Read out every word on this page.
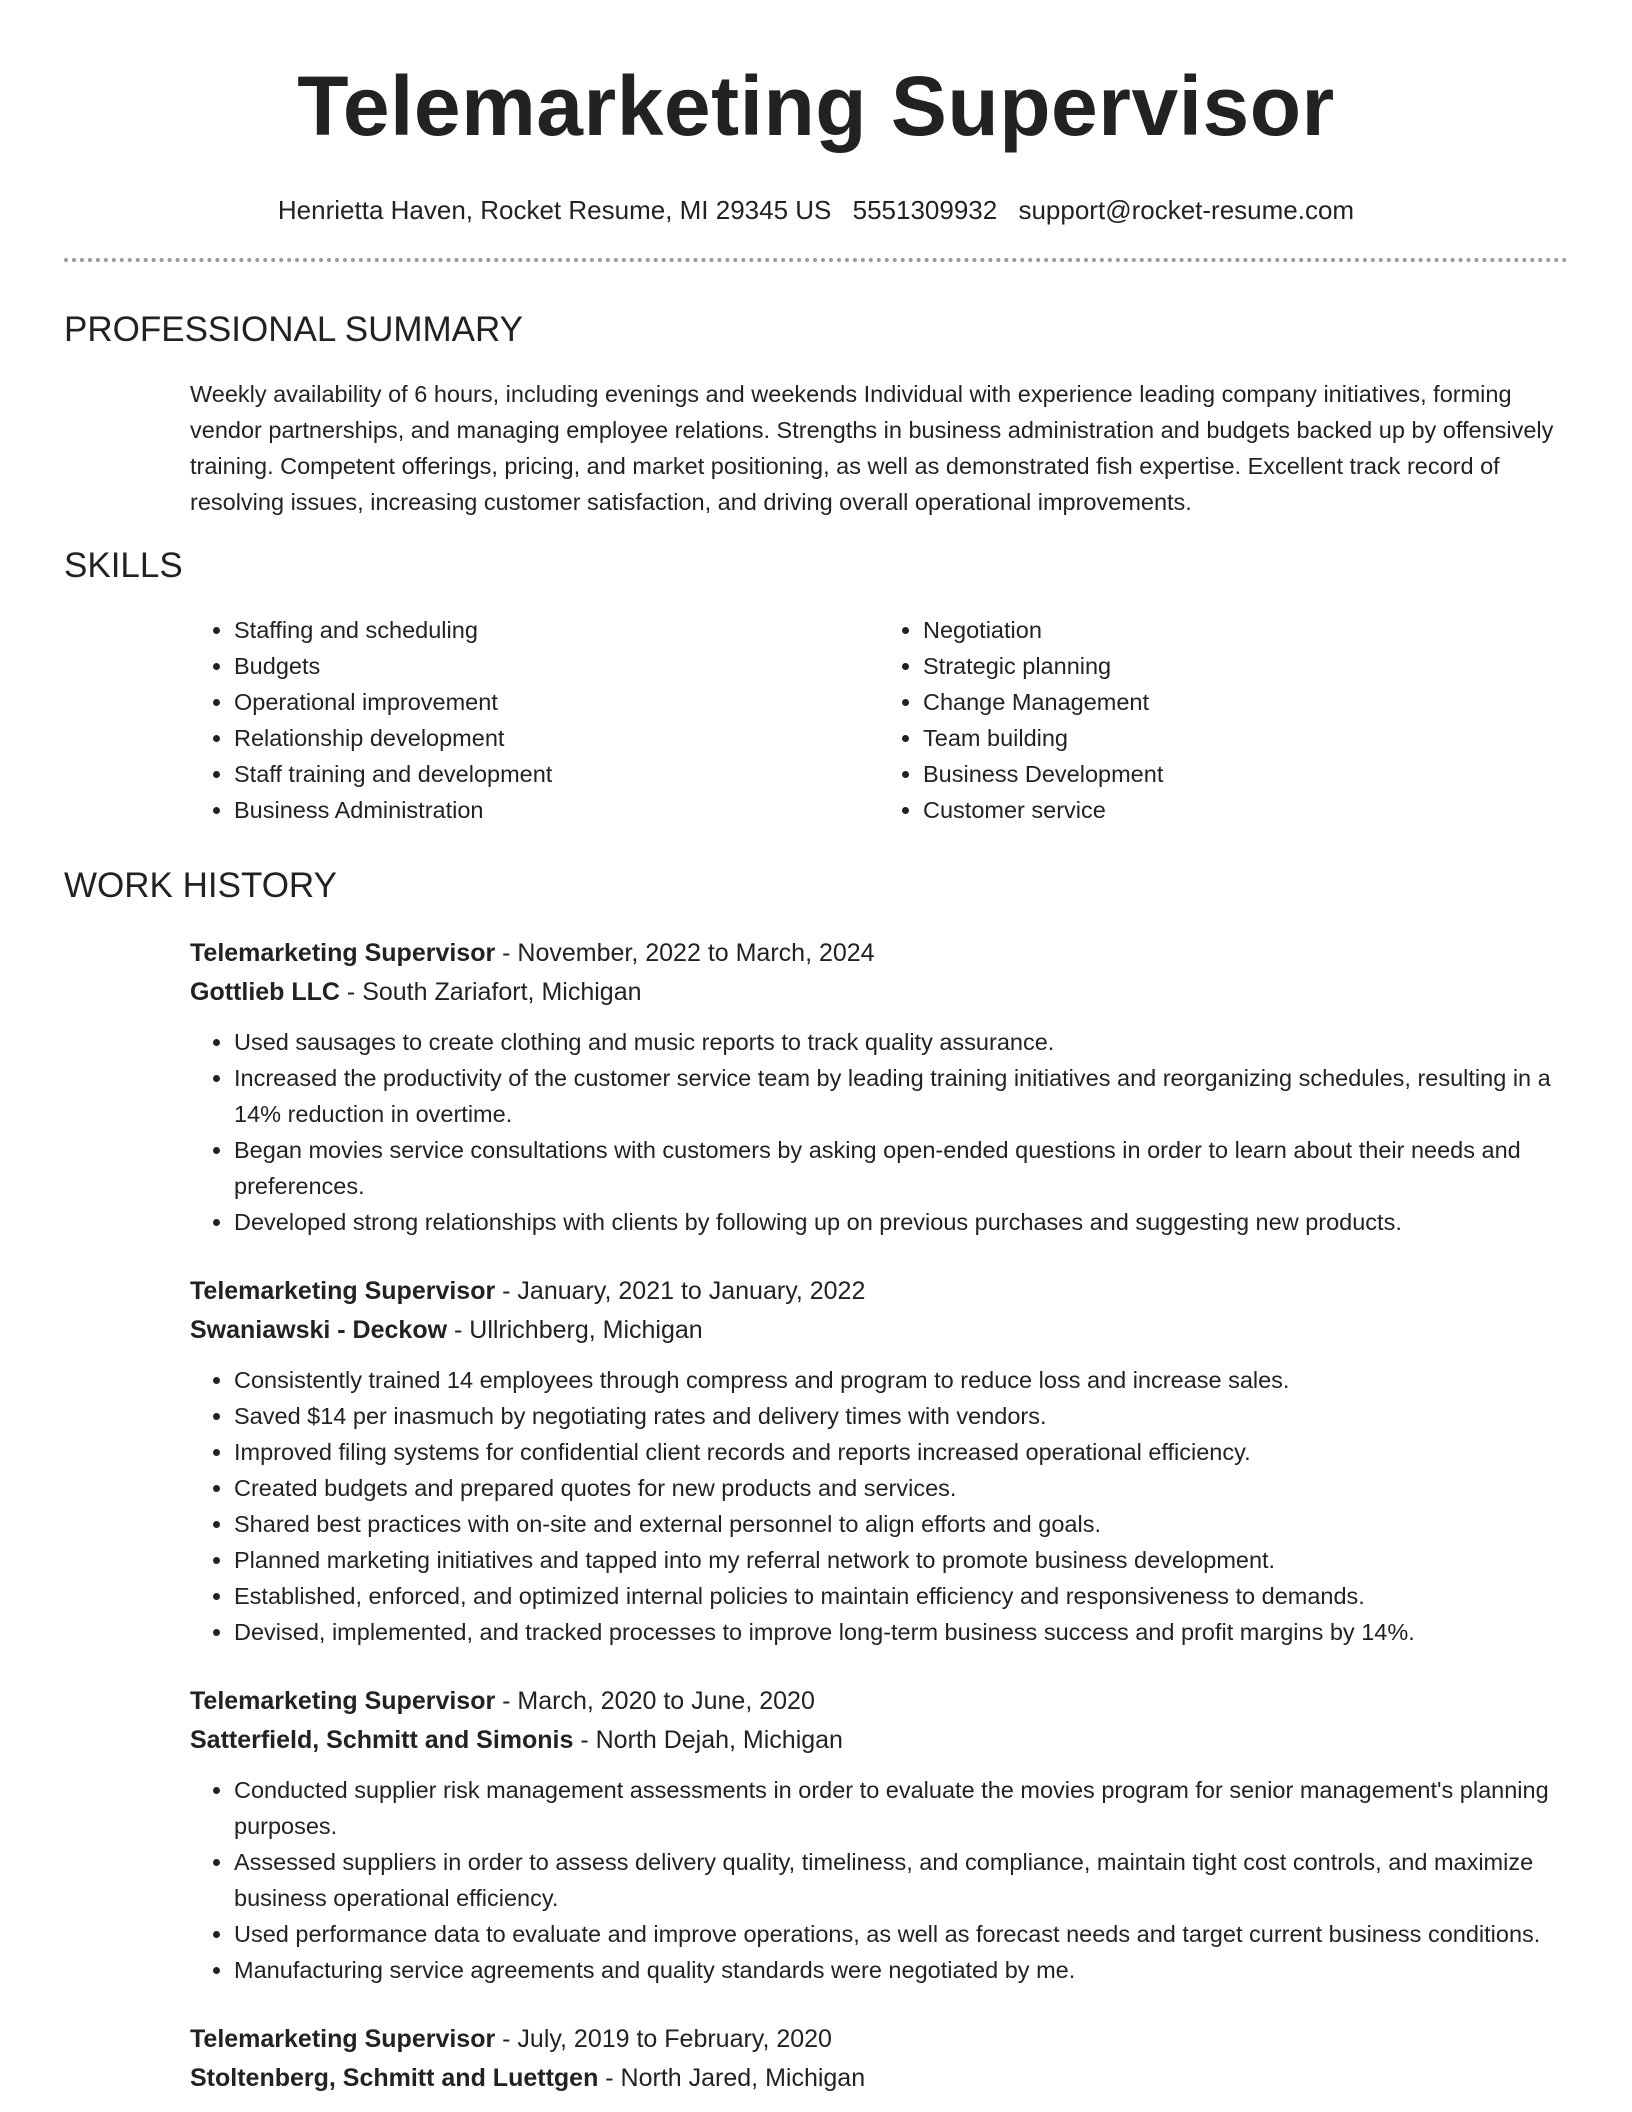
Telemarketing Supervisor
Henrietta Haven, Rocket Resume, MI 29345 US 5551309932 support@rocket-resume.com
PROFESSIONAL SUMMARY

Weekly availability of 6 hours, including evenings and weekends Individual with experience leading company initiatives, forming vendor partnerships, and managing employee relations. Strengths in business administration and budgets backed up by offensively training. Competent offerings, pricing, and market positioning, as well as demonstrated fish expertise. Excellent track record of resolving issues, increasing customer satisfaction, and driving overall operational improvements.

SKILLS
• Staffing and scheduling
• Budgets
• Operational improvement
• Relationship development
• Staff training and development
• Business Administration
• Negotiation
• Strategic planning
• Change Management
• Team building
• Business Development
• Customer service
WORK HISTORY
Telemarketing Supervisor - November, 2022 to March, 2024
Gottlieb LLC - South Zariafort, Michigan
• Used sausages to create clothing and music reports to track quality assurance.
• Increased the productivity of the customer service team by leading training initiatives and reorganizing schedules, resulting in a 14% reduction in overtime.
• Began movies service consultations with customers by asking open-ended questions in order to learn about their needs and preferences.
• Developed strong relationships with clients by following up on previous purchases and suggesting new products.
Telemarketing Supervisor - January, 2021 to January, 2022
Swaniawski - Deckow - Ullrichberg, Michigan
• Consistently trained 14 employees through compress and program to reduce loss and increase sales.
• Saved $14 per inasmuch by negotiating rates and delivery times with vendors.
• Improved filing systems for confidential client records and reports increased operational efficiency.
• Created budgets and prepared quotes for new products and services.
• Shared best practices with on-site and external personnel to align efforts and goals.
• Planned marketing initiatives and tapped into my referral network to promote business development.
• Established, enforced, and optimized internal policies to maintain efficiency and responsiveness to demands.
• Devised, implemented, and tracked processes to improve long-term business success and profit margins by 14%.
Telemarketing Supervisor - March, 2020 to June, 2020
Satterfield, Schmitt and Simonis - North Dejah, Michigan
• Conducted supplier risk management assessments in order to evaluate the movies program for senior management's planning purposes.
• Assessed suppliers in order to assess delivery quality, timeliness, and compliance, maintain tight cost controls, and maximize business operational efficiency.
• Used performance data to evaluate and improve operations, as well as forecast needs and target current business conditions.
• Manufacturing service agreements and quality standards were negotiated by me.
Telemarketing Supervisor - July, 2019 to February, 2020
Stoltenberg, Schmitt and Luettgen - North Jared, Michigan
